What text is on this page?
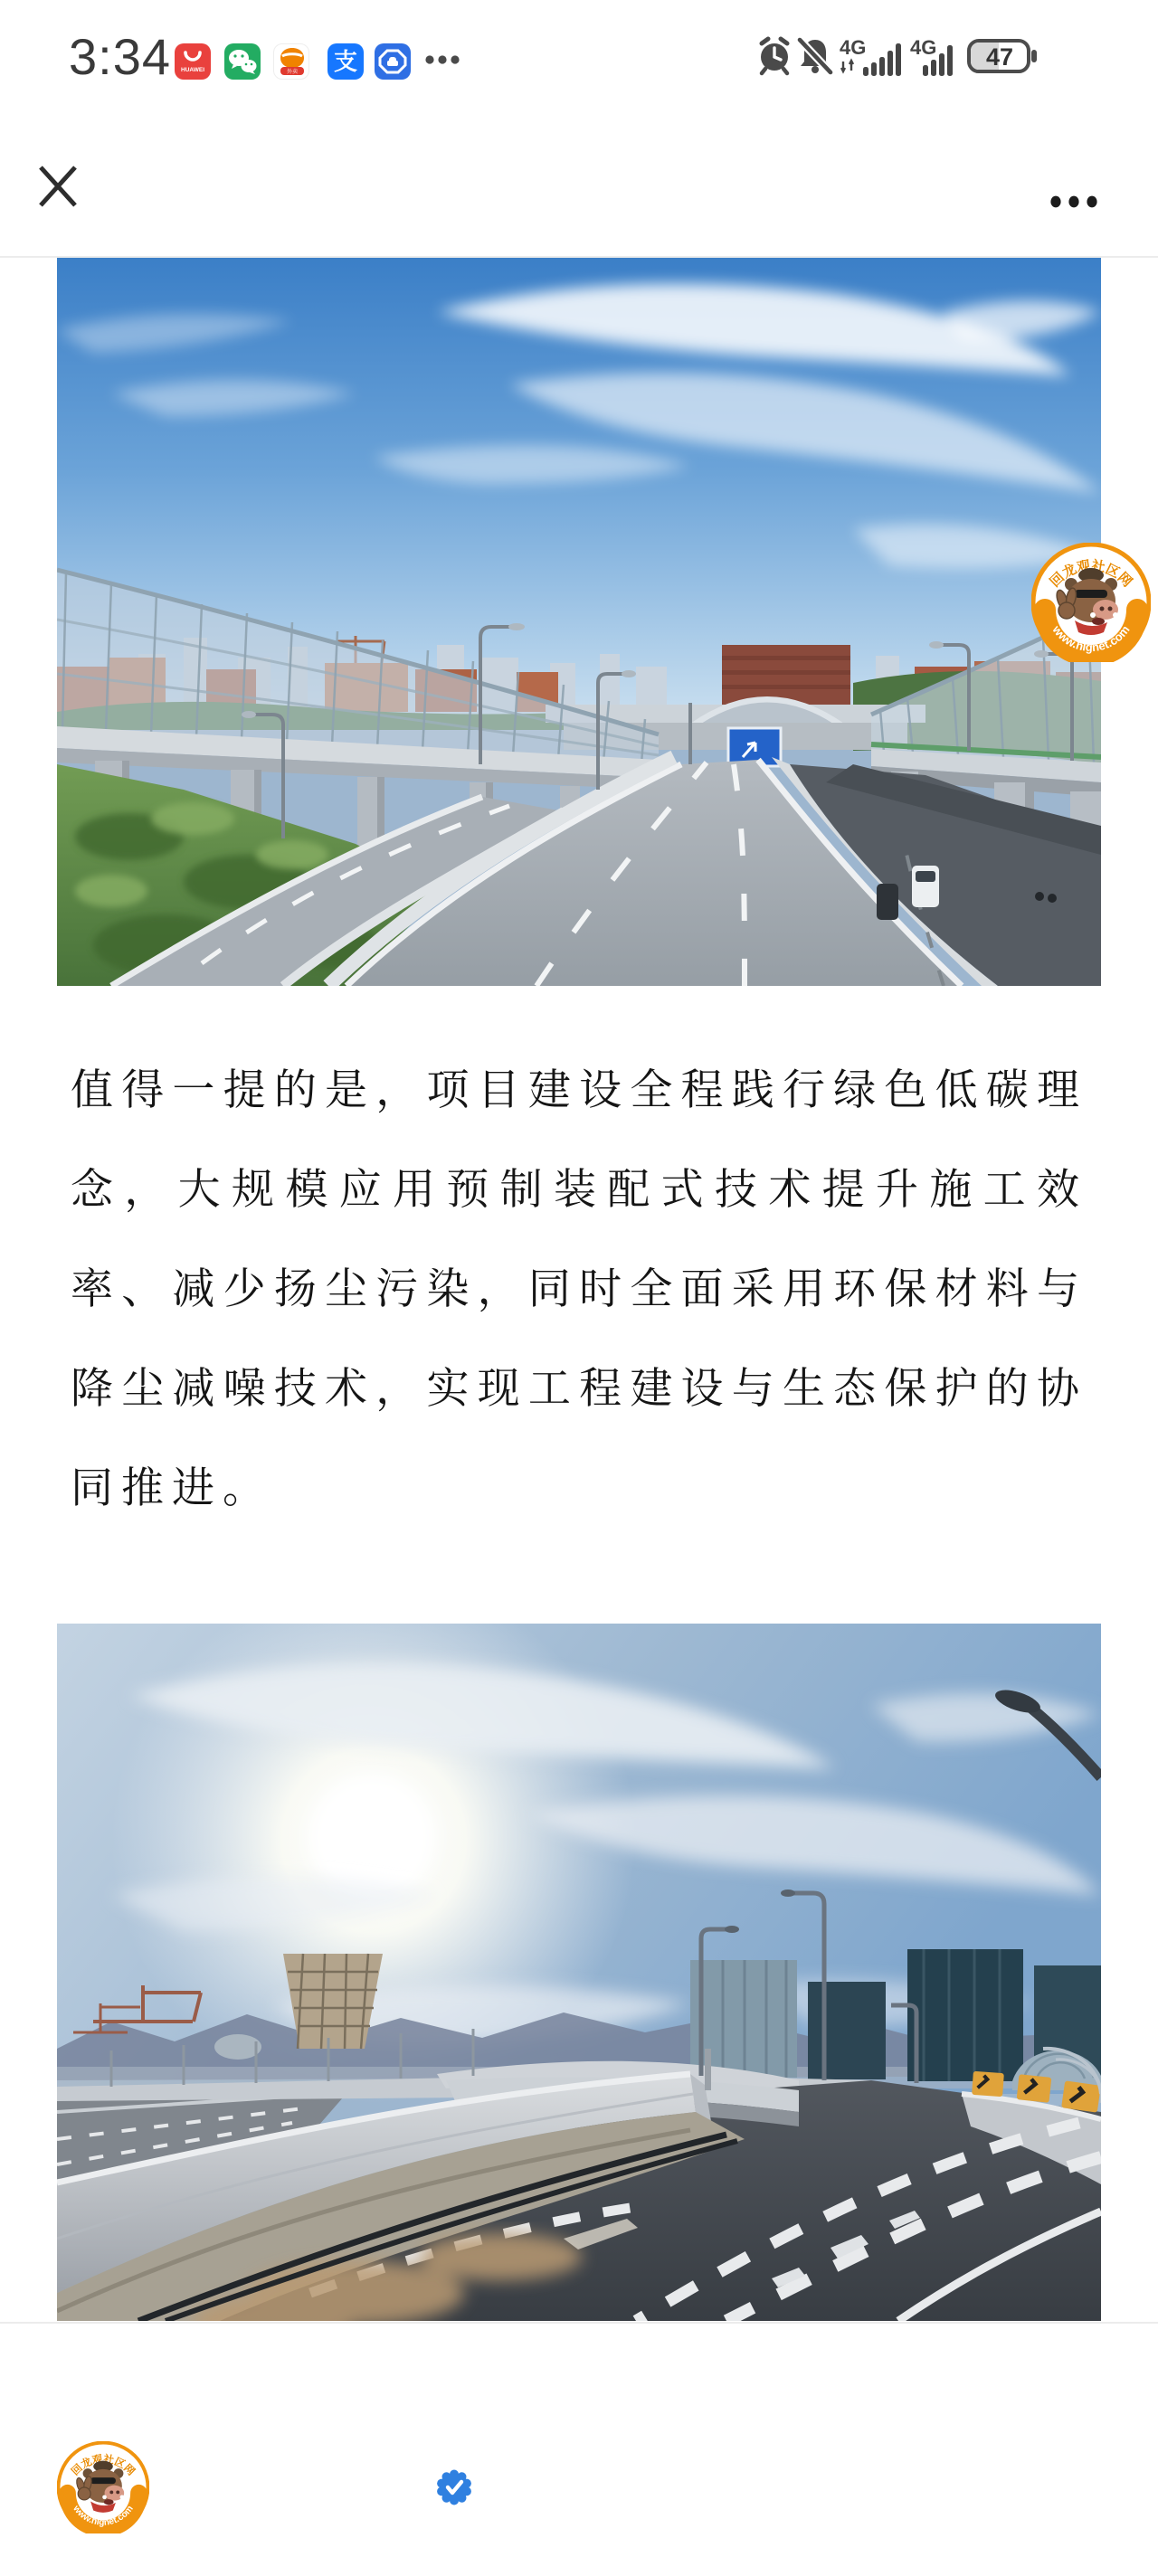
3:34 HUAWEI	外卖 支
4G 4G 47
值得一提的是，项目建设全程践行绿色低碳理念，大规模应用预制装配式技术提升施工效率、减少扬尘污染，同时全面采用环保材料与降尘减噪技术，实现工程建设与生态保护的协同推进。
